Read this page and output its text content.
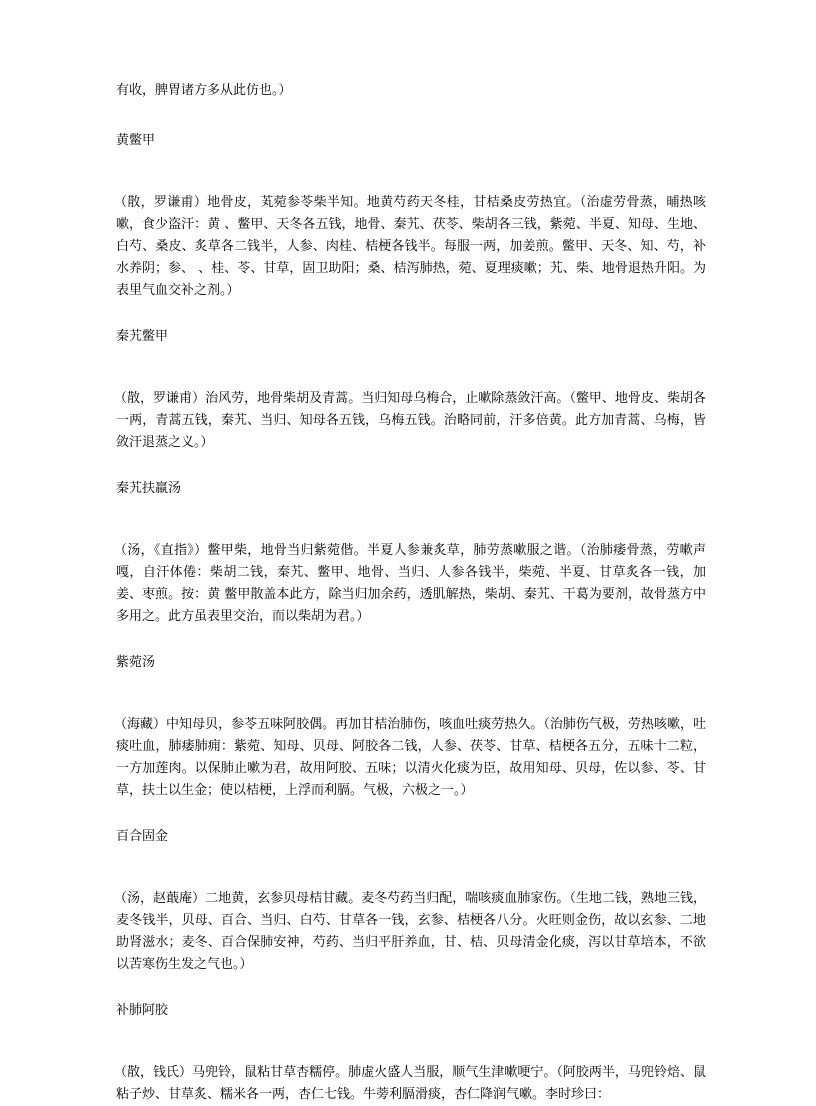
有收，脾胃诸方多从此仿也。）

黄鳖甲

（散，罗谦甫）地骨皮，芄菀参苓柴半知。地黄芍药天冬桂，甘桔桑皮劳热宜。（治虚劳骨蒸，晡热咳嗽，食少盗汗：黄 、鳖甲、天冬各五钱，地骨、秦艽、茯苓、柴胡各三钱，紫菀、半夏、知母、生地、白芍、桑皮、炙草各二钱半，人参、肉桂、桔梗各钱半。每服一两，加姜煎。鳖甲、天冬、知、芍，补水养阴；参、 、桂、苓、甘草，固卫助阳；桑、桔泻肺热，菀、夏理痰嗽；艽、柴、地骨退热升阳。为表里气血交补之剂。）

秦艽鳖甲

（散，罗谦甫）治风劳，地骨柴胡及青蒿。当归知母乌梅合，止嗽除蒸敛汗高。（鳖甲、地骨皮、柴胡各一两，青蒿五钱，秦艽、当归、知母各五钱，乌梅五钱。治略同前，汗多倍黄。此方加青蒿、乌梅，皆敛汗退蒸之义。）

秦艽扶羸汤

（汤，《直指》）鳖甲柴，地骨当归紫菀偕。半夏人参兼炙草，肺劳蒸嗽服之谐。（治肺痿骨蒸，劳嗽声嘎，自汗体倦：柴胡二钱，秦艽、鳖甲、地骨、当归、人参各钱半，柴菀、半夏、甘草炙各一钱，加姜、枣煎。按：黄 鳖甲散盖本此方，除当归加余药，透肌解热，柴胡、秦艽、干葛为要剂，故骨蒸方中多用之。此方虽表里交治，而以柴胡为君。）

紫菀汤

（海藏）中知母贝，参苓五味阿胶偶。再加甘桔治肺伤，咳血吐痰劳热久。（治肺伤气极，劳热咳嗽，吐痰吐血，肺痿肺痈：紫菀、知母、贝母、阿胶各二钱，人参、茯苓、甘草、桔梗各五分，五味十二粒，一方加莲肉。以保肺止嗽为君，故用阿胶、五味；以清火化痰为臣，故用知母、贝母，佐以参、苓、甘草，扶土以生金；使以桔梗，上浮而利膈。气极，六极之一。）

百合固金

（汤，赵蕺庵）二地黄，玄参贝母桔甘藏。麦冬芍药当归配，喘咳痰血肺家伤。（生地二钱，熟地三钱，麦冬钱半，贝母、百合、当归、白芍、甘草各一钱，玄参、桔梗各八分。火旺则金伤，故以玄参、二地助肾滋水；麦冬、百合保肺安神，芍药、当归平肝养血，甘、桔、贝母清金化痰，泻以甘草培本，不欲以苦寒伤生发之气也。）

补肺阿胶

（散，钱氏）马兜铃，鼠粘甘草杏糯停。肺虚火盛人当服，顺气生津嗽哽宁。（阿胶两半，马兜铃焙、鼠粘子炒、甘草炙、糯米各一两，杏仁七钱。牛蒡利膈滑痰，杏仁降润气嗽。李时珍曰：
